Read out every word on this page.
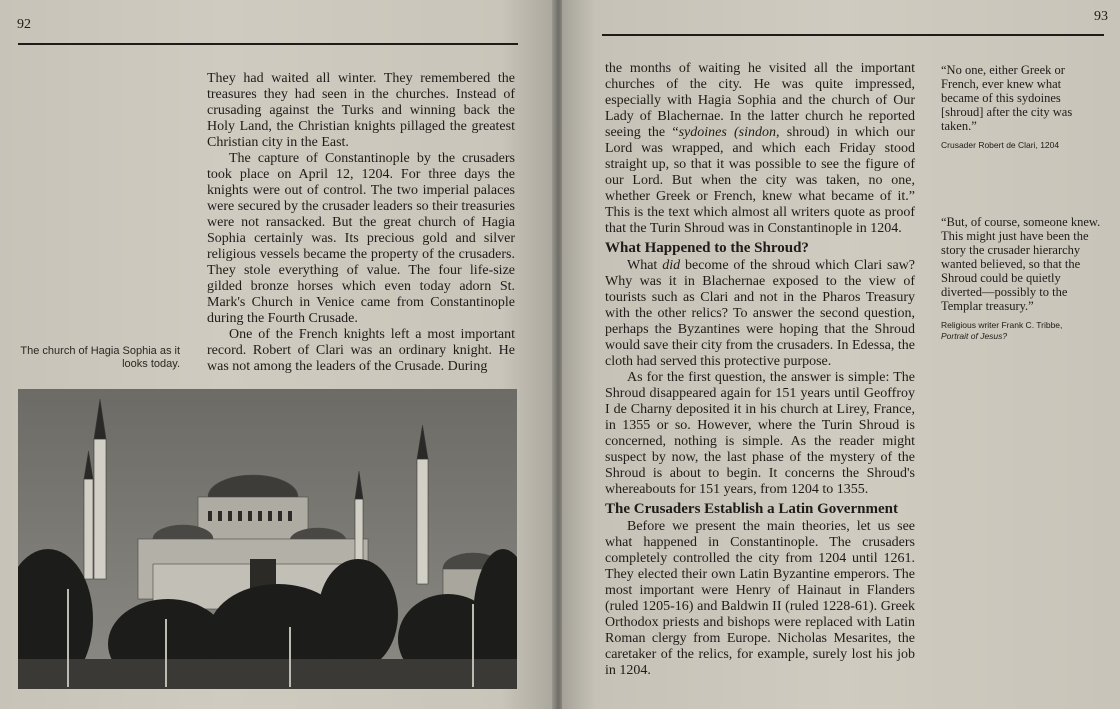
92

They had waited all winter. They remembered the treasures they had seen in the churches. Instead of crusading against the Turks and winning back the Holy Land, the Christian knights pillaged the greatest Christian city in the East.

The capture of Constantinople by the crusaders took place on April 12, 1204. For three days the knights were out of control. The two imperial palaces were secured by the crusader leaders so their treasuries were not ransacked. But the great church of Hagia Sophia certainly was. Its precious gold and silver religious vessels became the property of the crusaders. They stole everything of value. The four life-size gilded bronze horses which even today adorn St. Mark's Church in Venice came from Constantinople during the Fourth Crusade.

One of the French knights left a most important record. Robert of Clari was an ordinary knight. He was not among the leaders of the Crusade. During

The church of Hagia Sophia as it looks today.
93

the months of waiting he visited all the important churches of the city. He was quite impressed, especially with Hagia Sophia and the church of Our Lady of Blachernae. In the latter church he reported seeing the “sydoines (sindon, shroud) in which our Lord was wrapped, and which each Friday stood straight up, so that it was possible to see the figure of our Lord. But when the city was taken, no one, whether Greek or French, knew what became of it.” This is the text which almost all writers quote as proof that the Turin Shroud was in Constantinople in 1204.

What Happened to the Shroud?

What did become of the shroud which Clari saw? Why was it in Blachernae exposed to the view of tourists such as Clari and not in the Pharos Treasury with the other relics? To answer the second question, perhaps the Byzantines were hoping that the Shroud would save their city from the crusaders. In Edessa, the cloth had served this protective purpose.

As for the first question, the answer is simple: The Shroud disappeared again for 151 years until Geoffroy I de Charny deposited it in his church at Lirey, France, in 1355 or so. However, where the Turin Shroud is concerned, nothing is simple. As the reader might suspect by now, the last phase of the mystery of the Shroud is about to begin. It concerns the Shroud's whereabouts for 151 years, from 1204 to 1355.

The Crusaders Establish a Latin Government

Before we present the main theories, let us see what happened in Constantinople. The crusaders completely controlled the city from 1204 until 1261. They elected their own Latin Byzantine emperors. The most important were Henry of Hainaut in Flanders (ruled 1205-16) and Baldwin II (ruled 1228-61). Greek Orthodox priests and bishops were replaced with Latin Roman clergy from Europe. Nicholas Mesarites, the caretaker of the relics, for example, surely lost his job in 1204.

“No one, either Greek or French, ever knew what became of this sydoines [shroud] after the city was taken.”

Crusader Robert de Clari, 1204

“But, of course, someone knew. This might just have been the story the crusader hierarchy wanted believed, so that the Shroud could be quietly diverted—possibly to the Templar treasury.”

Religious writer Frank C. Tribbe,
Portrait of Jesus?
